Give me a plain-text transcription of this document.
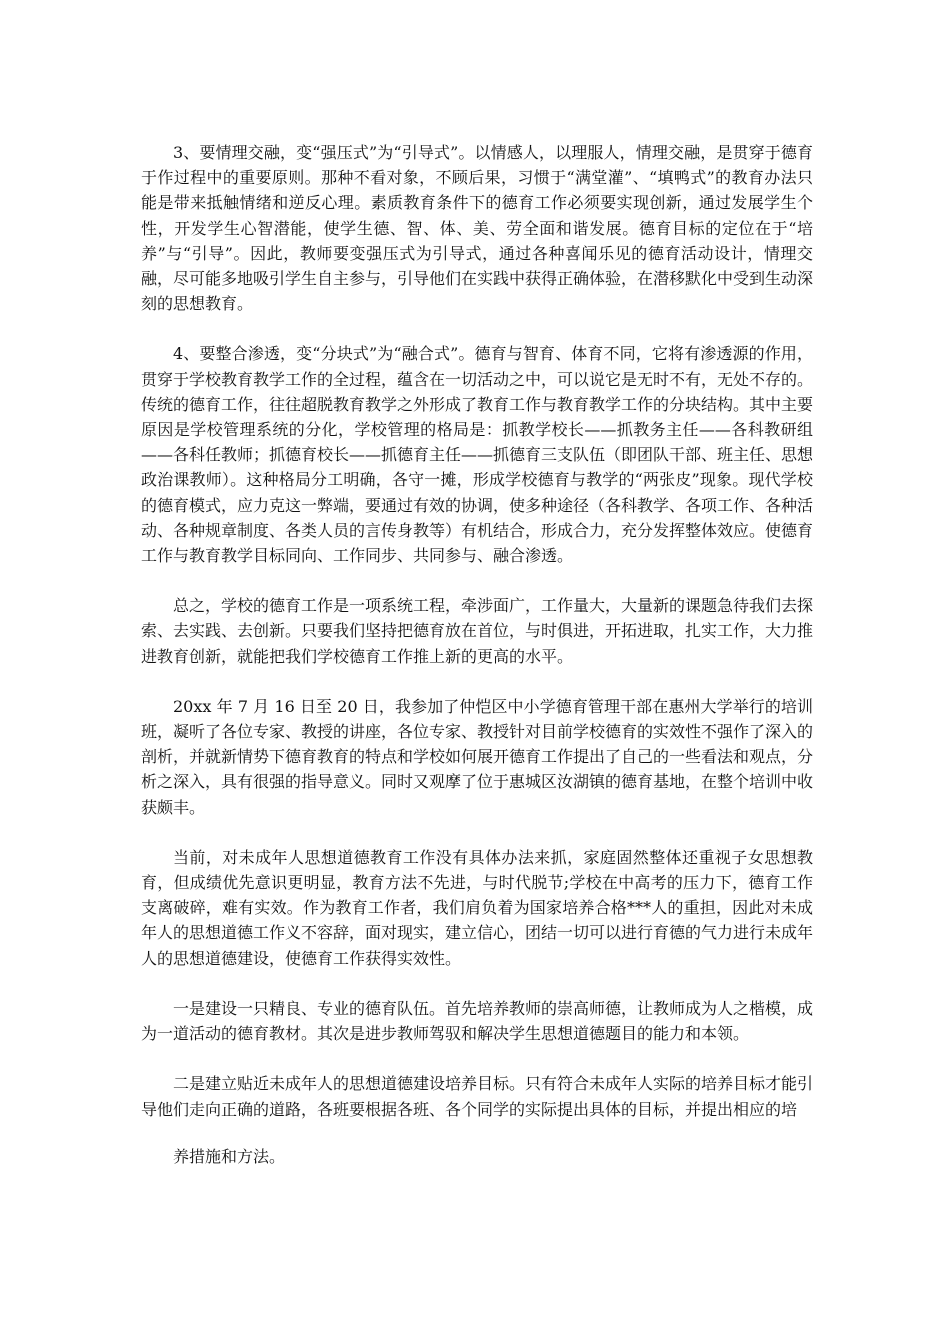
3、要情理交融，变“强压式”为“引导式”。以情感人，以理服人，情理交融，是贯穿于德育于作过程中的重要原则。那种不看对象，不顾后果，习惯于“满堂灌”、“填鸭式”的教育办法只能是带来抵触情绪和逆反心理。素质教育条件下的德育工作必须要实现创新，通过发展学生个性，开发学生心智潜能，使学生德、智、体、美、劳全面和谐发展。德育目标的定位在于“培养”与“引导”。因此，教师要变强压式为引导式，通过各种喜闻乐见的德育活动设计，情理交融，尽可能多地吸引学生自主参与，引导他们在实践中获得正确体验，在潜移默化中受到生动深刻的思想教育。

4、要整合渗透，变“分块式”为“融合式”。德育与智育、体育不同，它将有渗透源的作用，贯穿于学校教育教学工作的全过程，蕴含在一切活动之中，可以说它是无时不有，无处不存的。传统的德育工作，往往超脱教育教学之外形成了教育工作与教育教学工作的分块结构。其中主要原因是学校管理系统的分化，学校管理的格局是：抓教学校长——抓教务主任——各科教研组——各科任教师；抓德育校长——抓德育主任——抓德育三支队伍（即团队干部、班主任、思想政治课教师）。这种格局分工明确，各守一摊，形成学校德育与教学的“两张皮”现象。现代学校的德育模式，应力克这一弊端，要通过有效的协调，使多种途径（各科教学、各项工作、各种活动、各种规章制度、各类人员的言传身教等）有机结合，形成合力，充分发挥整体效应。使德育工作与教育教学目标同向、工作同步、共同参与、融合渗透。

总之，学校的德育工作是一项系统工程，牵涉面广，工作量大，大量新的课题急待我们去探索、去实践、去创新。只要我们坚持把德育放在首位，与时俱进，开拓进取，扎实工作，大力推进教育创新，就能把我们学校德育工作推上新的更高的水平。

20xx 年 7 月 16 日至 20 日，我参加了仲恺区中小学德育管理干部在惠州大学举行的培训班，凝听了各位专家、教授的讲座，各位专家、教授针对目前学校德育的实效性不强作了深入的剖析，并就新情势下德育教育的特点和学校如何展开德育工作提出了自己的一些看法和观点，分析之深入，具有很强的指导意义。同时又观摩了位于惠城区汝湖镇的德育基地，在整个培训中收获颇丰。

当前，对未成年人思想道德教育工作没有具体办法来抓，家庭固然整体还重视子女思想教育，但成绩优先意识更明显，教育方法不先进，与时代脱节;学校在中高考的压力下，德育工作支离破碎，难有实效。作为教育工作者，我们肩负着为国家培养合格***人的重担，因此对未成年人的思想道德工作义不容辞，面对现实，建立信心，团结一切可以进行育德的气力进行未成年人的思想道德建设，使德育工作获得实效性。

一是建设一只精良、专业的德育队伍。首先培养教师的崇高师德，让教师成为人之楷模，成为一道活动的德育教材。其次是进步教师驾驭和解决学生思想道德题目的能力和本领。

二是建立贴近未成年人的思想道德建设培养目标。只有符合未成年人实际的培养目标才能引导他们走向正确的道路，各班要根据各班、各个同学的实际提出具体的目标，并提出相应的培

养措施和方法。
